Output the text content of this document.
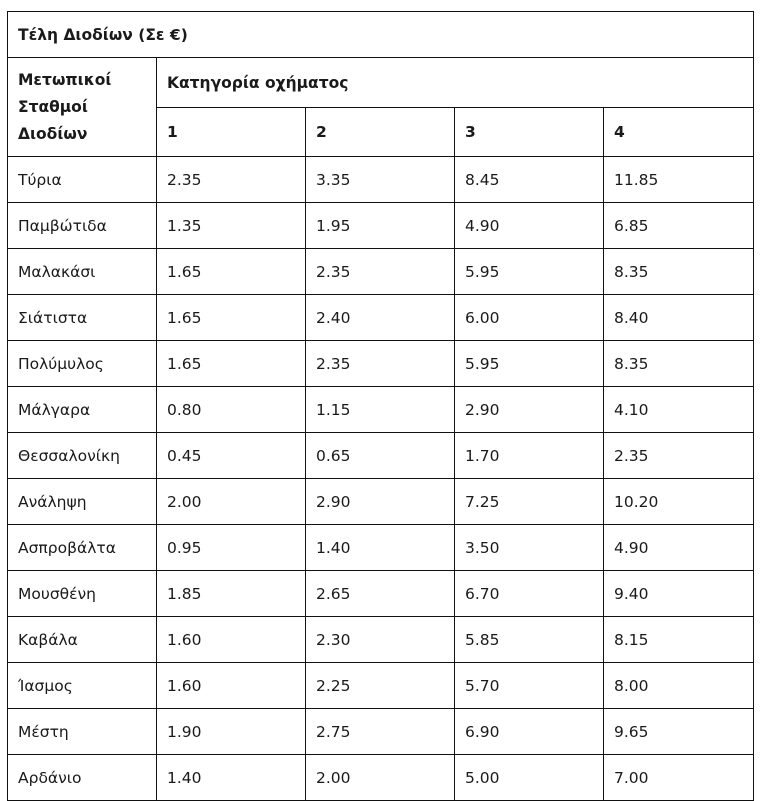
Τέλη Διοδίων (Σε €)				
Μετωπικοί Σταθμοί Διοδίων	Κατηγορία οχήματος			
	1	2	3	4
Τύρια	2.35	3.35	8.45	11.85
Παμβώτιδα	1.35	1.95	4.90	6.85
Μαλακάσι	1.65	2.35	5.95	8.35
Σιάτιστα	1.65	2.40	6.00	8.40
Πολύμυλος	1.65	2.35	5.95	8.35
Μάλγαρα	0.80	1.15	2.90	4.10
Θεσσαλονίκη	0.45	0.65	1.70	2.35
Ανάληψη	2.00	2.90	7.25	10.20
Ασπροβάλτα	0.95	1.40	3.50	4.90
Μουσθένη	1.85	2.65	6.70	9.40
Καβάλα	1.60	2.30	5.85	8.15
Ίασμος	1.60	2.25	5.70	8.00
Μέστη	1.90	2.75	6.90	9.65
Αρδάνιο	1.40	2.00	5.00	7.00
